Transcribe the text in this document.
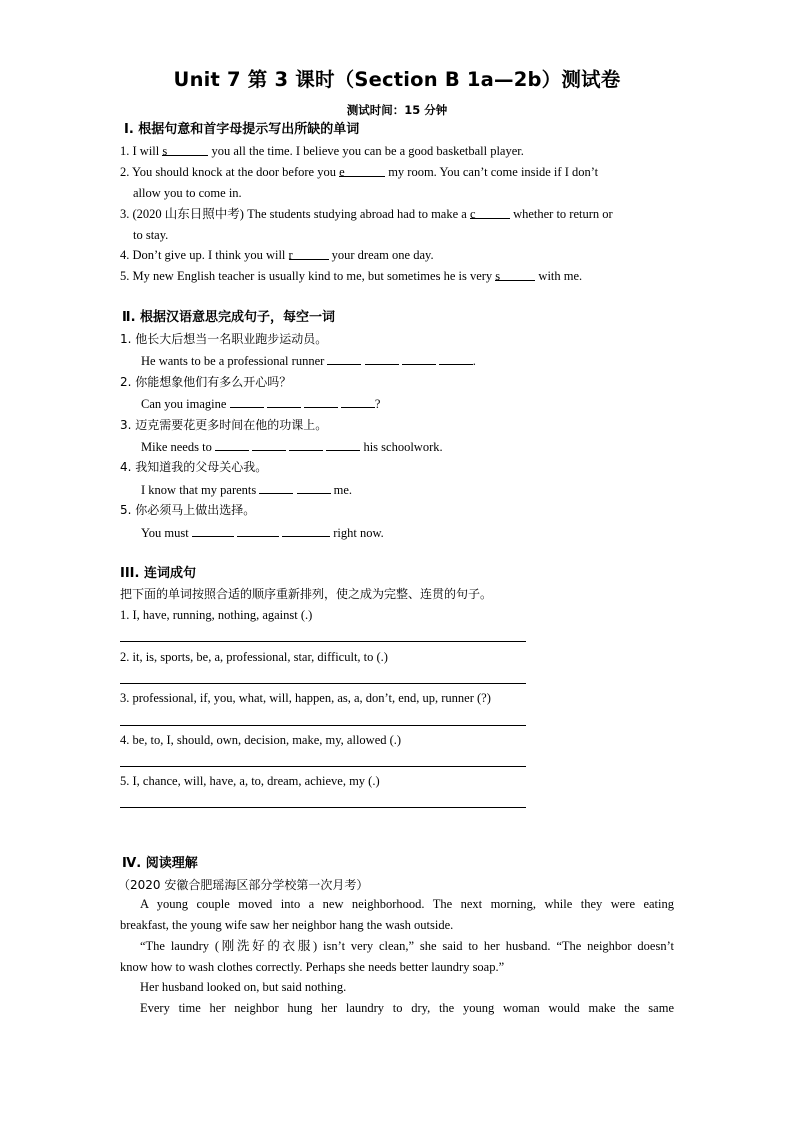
Unit 7 第 3 课时（Section B 1a—2b）测试卷
测试时间：15 分钟
Ⅰ. 根据句意和首字母提示写出所缺的单词
1. I will s	you all the time. I believe you can be a good basketball player.
2. You should knock at the door before you e	my room. You can’t come inside if I don’t
allow you to come in.
3. (2020 山东日照中考) The students studying abroad had to make a c	whether to return or
to stay.
4. Don’t give up. I think you will r	your dream one day.
5. My new English teacher is usually kind to me, but sometimes he is very s	with me.
Ⅱ. 根据汉语意思完成句子，每空一词
1. 他长大后想当一名职业跑步运动员。
He wants to be a professional runner	.
2. 你能想象他们有多么开心吗？
Can you imagine	?
3. 迈克需要花更多时间在他的功课上。
Mike needs to	his schoolwork.
4. 我知道我的父母关心我。
I know that my parents	me.
5. 你必须马上做出选择。
You must	right now.
III. 连词成句
把下面的单词按照合适的顺序重新排列，使之成为完整、连贯的句子。
1. I, have, running, nothing, against (.)
2. it, is, sports, be, a, professional, star, difficult, to (.)
3. professional, if, you, what, will, happen, as, a, don’t, end, up, runner (?)
4. be, to, I, should, own, decision, make, my, allowed (.)
5. I, chance, will, have, a, to, dream, achieve, my (.)
Ⅳ. 阅读理解
（2020 安徽合肥瑶海区部分学校第一次月考）
A young couple moved into a new neighborhood. The next morning, while they were eating
breakfast, the young wife saw her neighbor hang the wash outside.
“The laundry (刚洗好的衣服) isn’t very clean,” she said to her husband. “The neighbor doesn’t
know how to wash clothes correctly. Perhaps she needs better laundry soap.”
Her husband looked on, but said nothing.
Every time her neighbor hung her laundry to dry, the young woman would make the same
